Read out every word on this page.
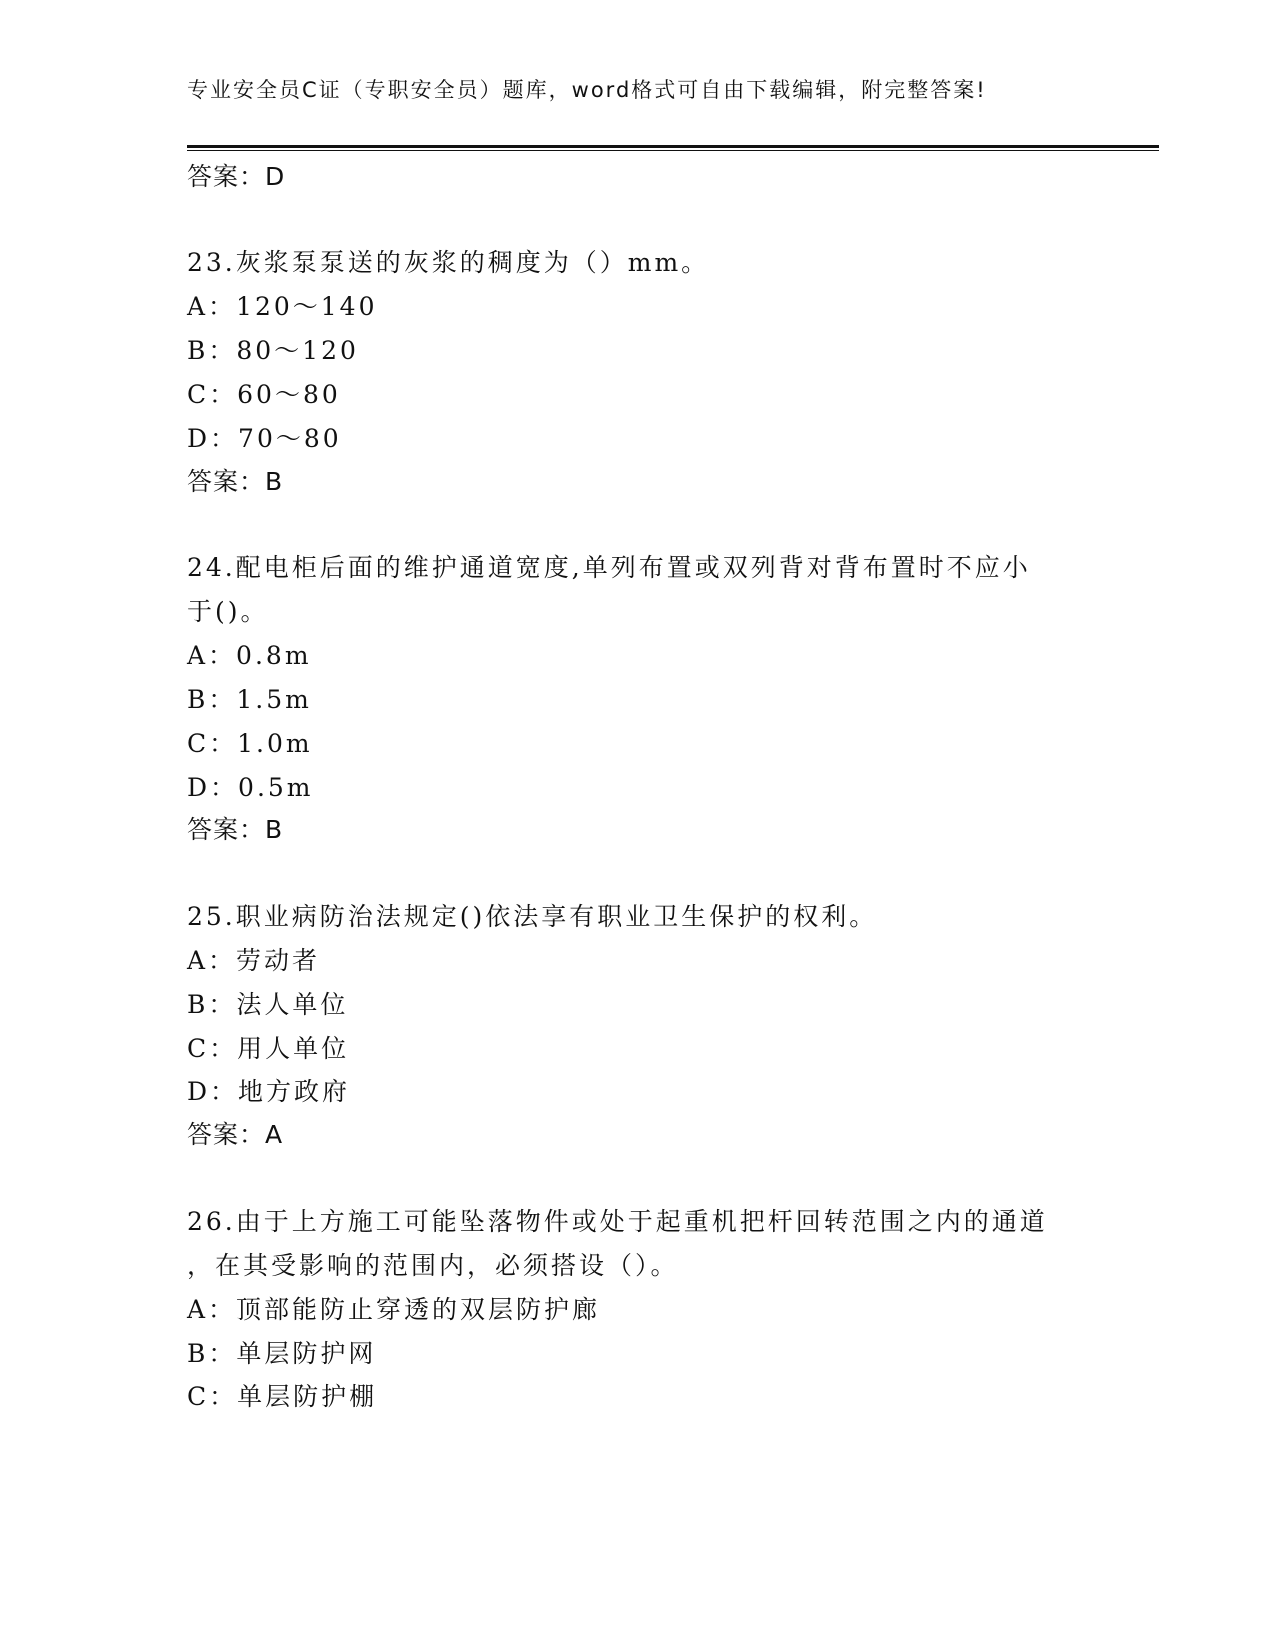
专业安全员C证（专职安全员）题库，word格式可自由下载编辑，附完整答案!
答案：D
23.灰浆泵泵送的灰浆的稠度为（）mm。
A：120～140
B：80～120
C：60～80
D：70～80
答案：B
24.配电柜后面的维护通道宽度,单列布置或双列背对背布置时不应小
于()。
A：0.8m
B：1.5m
C：1.0m
D：0.5m
答案：B
25.职业病防治法规定()依法享有职业卫生保护的权利。
A：劳动者
B：法人单位
C：用人单位
D：地方政府
答案：A
26.由于上方施工可能坠落物件或处于起重机把杆回转范围之内的通道
，在其受影响的范围内，必须搭设（）。
A：顶部能防止穿透的双层防护廊
B：单层防护网
C：单层防护棚
